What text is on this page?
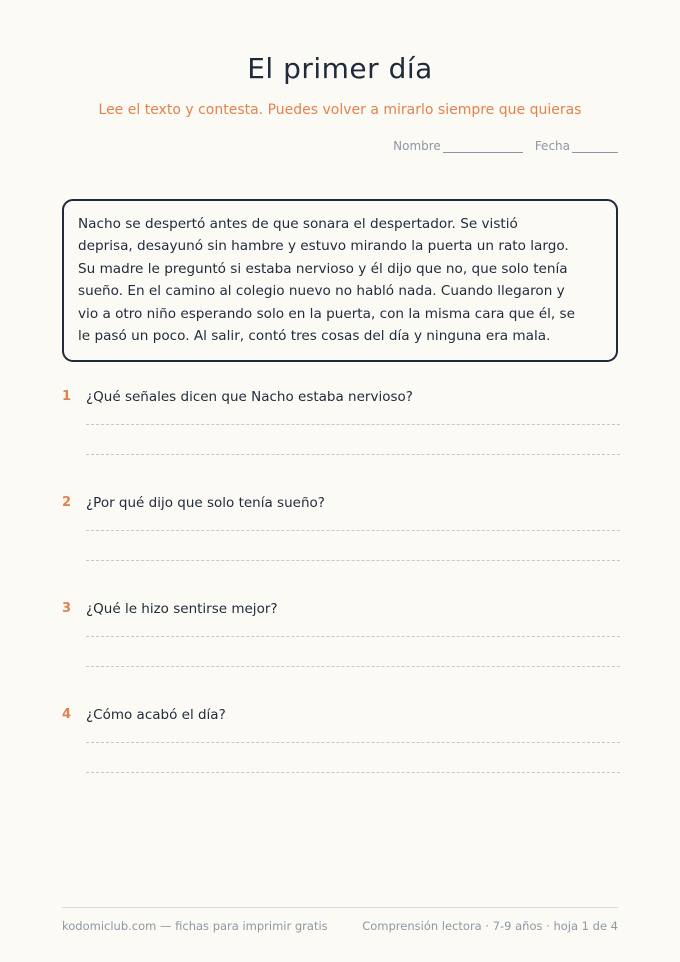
El primer día
Lee el texto y contesta. Puedes volver a mirarlo siempre que quieras
Nombre	Fecha
Nacho se despertó antes de que sonara el despertador. Se vistió
deprisa, desayunó sin hambre y estuvo mirando la puerta un rato largo.
Su madre le preguntó si estaba nervioso y él dijo que no, que solo tenía
sueño. En el camino al colegio nuevo no habló nada. Cuando llegaron y
vio a otro niño esperando solo en la puerta, con la misma cara que él, se
le pasó un poco. Al salir, contó tres cosas del día y ninguna era mala.
1 ¿Qué señales dicen que Nacho estaba nervioso?
2 ¿Por qué dijo que solo tenía sueño?
3 ¿Qué le hizo sentirse mejor?
4 ¿Cómo acabó el día?
kodomiclub.com — fichas para imprimir gratis	Comprensión lectora · 7-9 años · hoja 1 de 4
